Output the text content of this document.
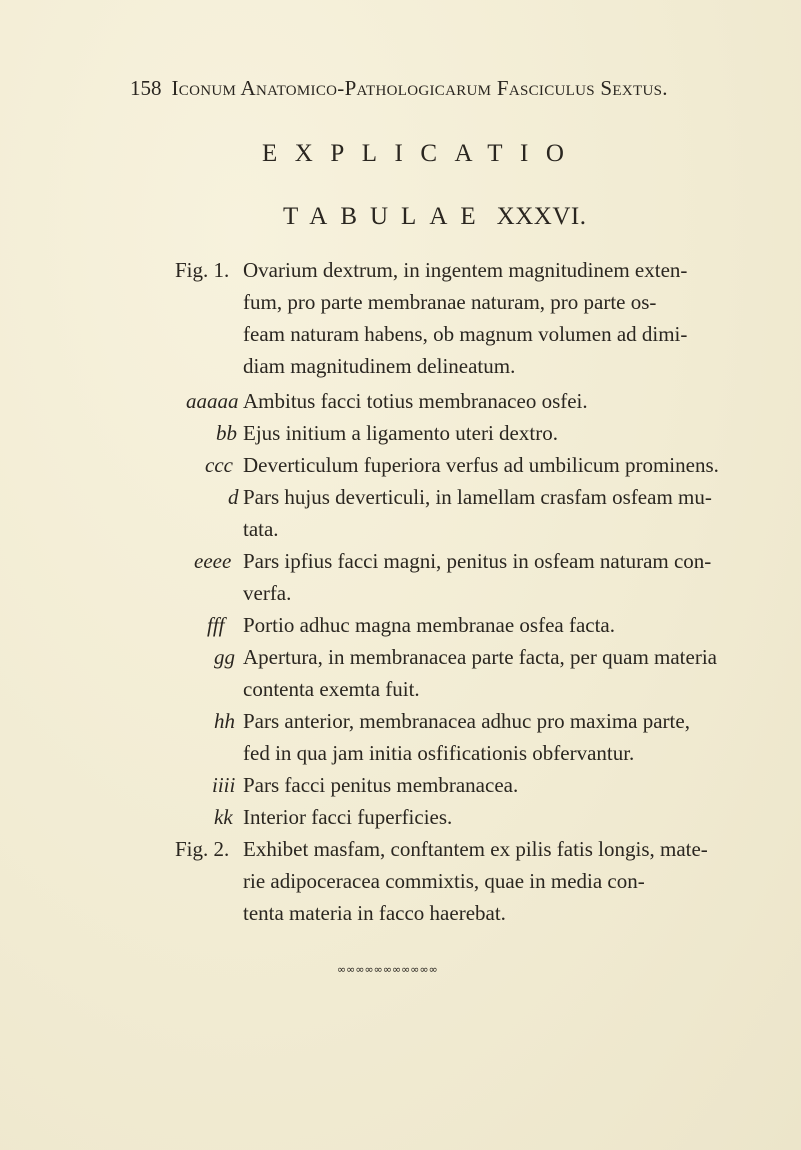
158 Iconum Anatomico-Pathologicarum Fasciculus Sextus.
EXPLICATIO
TABULAE XXXVI.
Fig. 1. Ovarium dextrum, in ingentem magnitudinem exten-
fum, pro parte membranae naturam, pro parte os-
feam naturam habens, ob magnum volumen ad dimi-
diam magnitudinem delineatum.
aaaaa Ambitus facci totius membranaceo osfei.
bb Ejus initium a ligamento uteri dextro.
ccc Deverticulum fuperiora verfus ad umbilicum prominens.
d Pars hujus deverticuli, in lamellam crasfam osfeam mu-
tata.
eeee Pars ipfius facci magni, penitus in osfeam naturam con-
verfa.
fff Portio adhuc magna membranae osfea facta.
gg Apertura, in membranacea parte facta, per quam materia
contenta exemta fuit.
hh Pars anterior, membranacea adhuc pro maxima parte,
fed in qua jam initia osfificationis obfervantur.
iiii Pars facci penitus membranacea.
kk Interior facci fuperficies.
Fig. 2. Exhibet masfam, conftantem ex pilis fatis longis, mate-
rie adipoceracea commixtis, quae in media con-
tenta materia in facco haerebat.
∞∞∞∞∞∞∞∞∞∞∞
